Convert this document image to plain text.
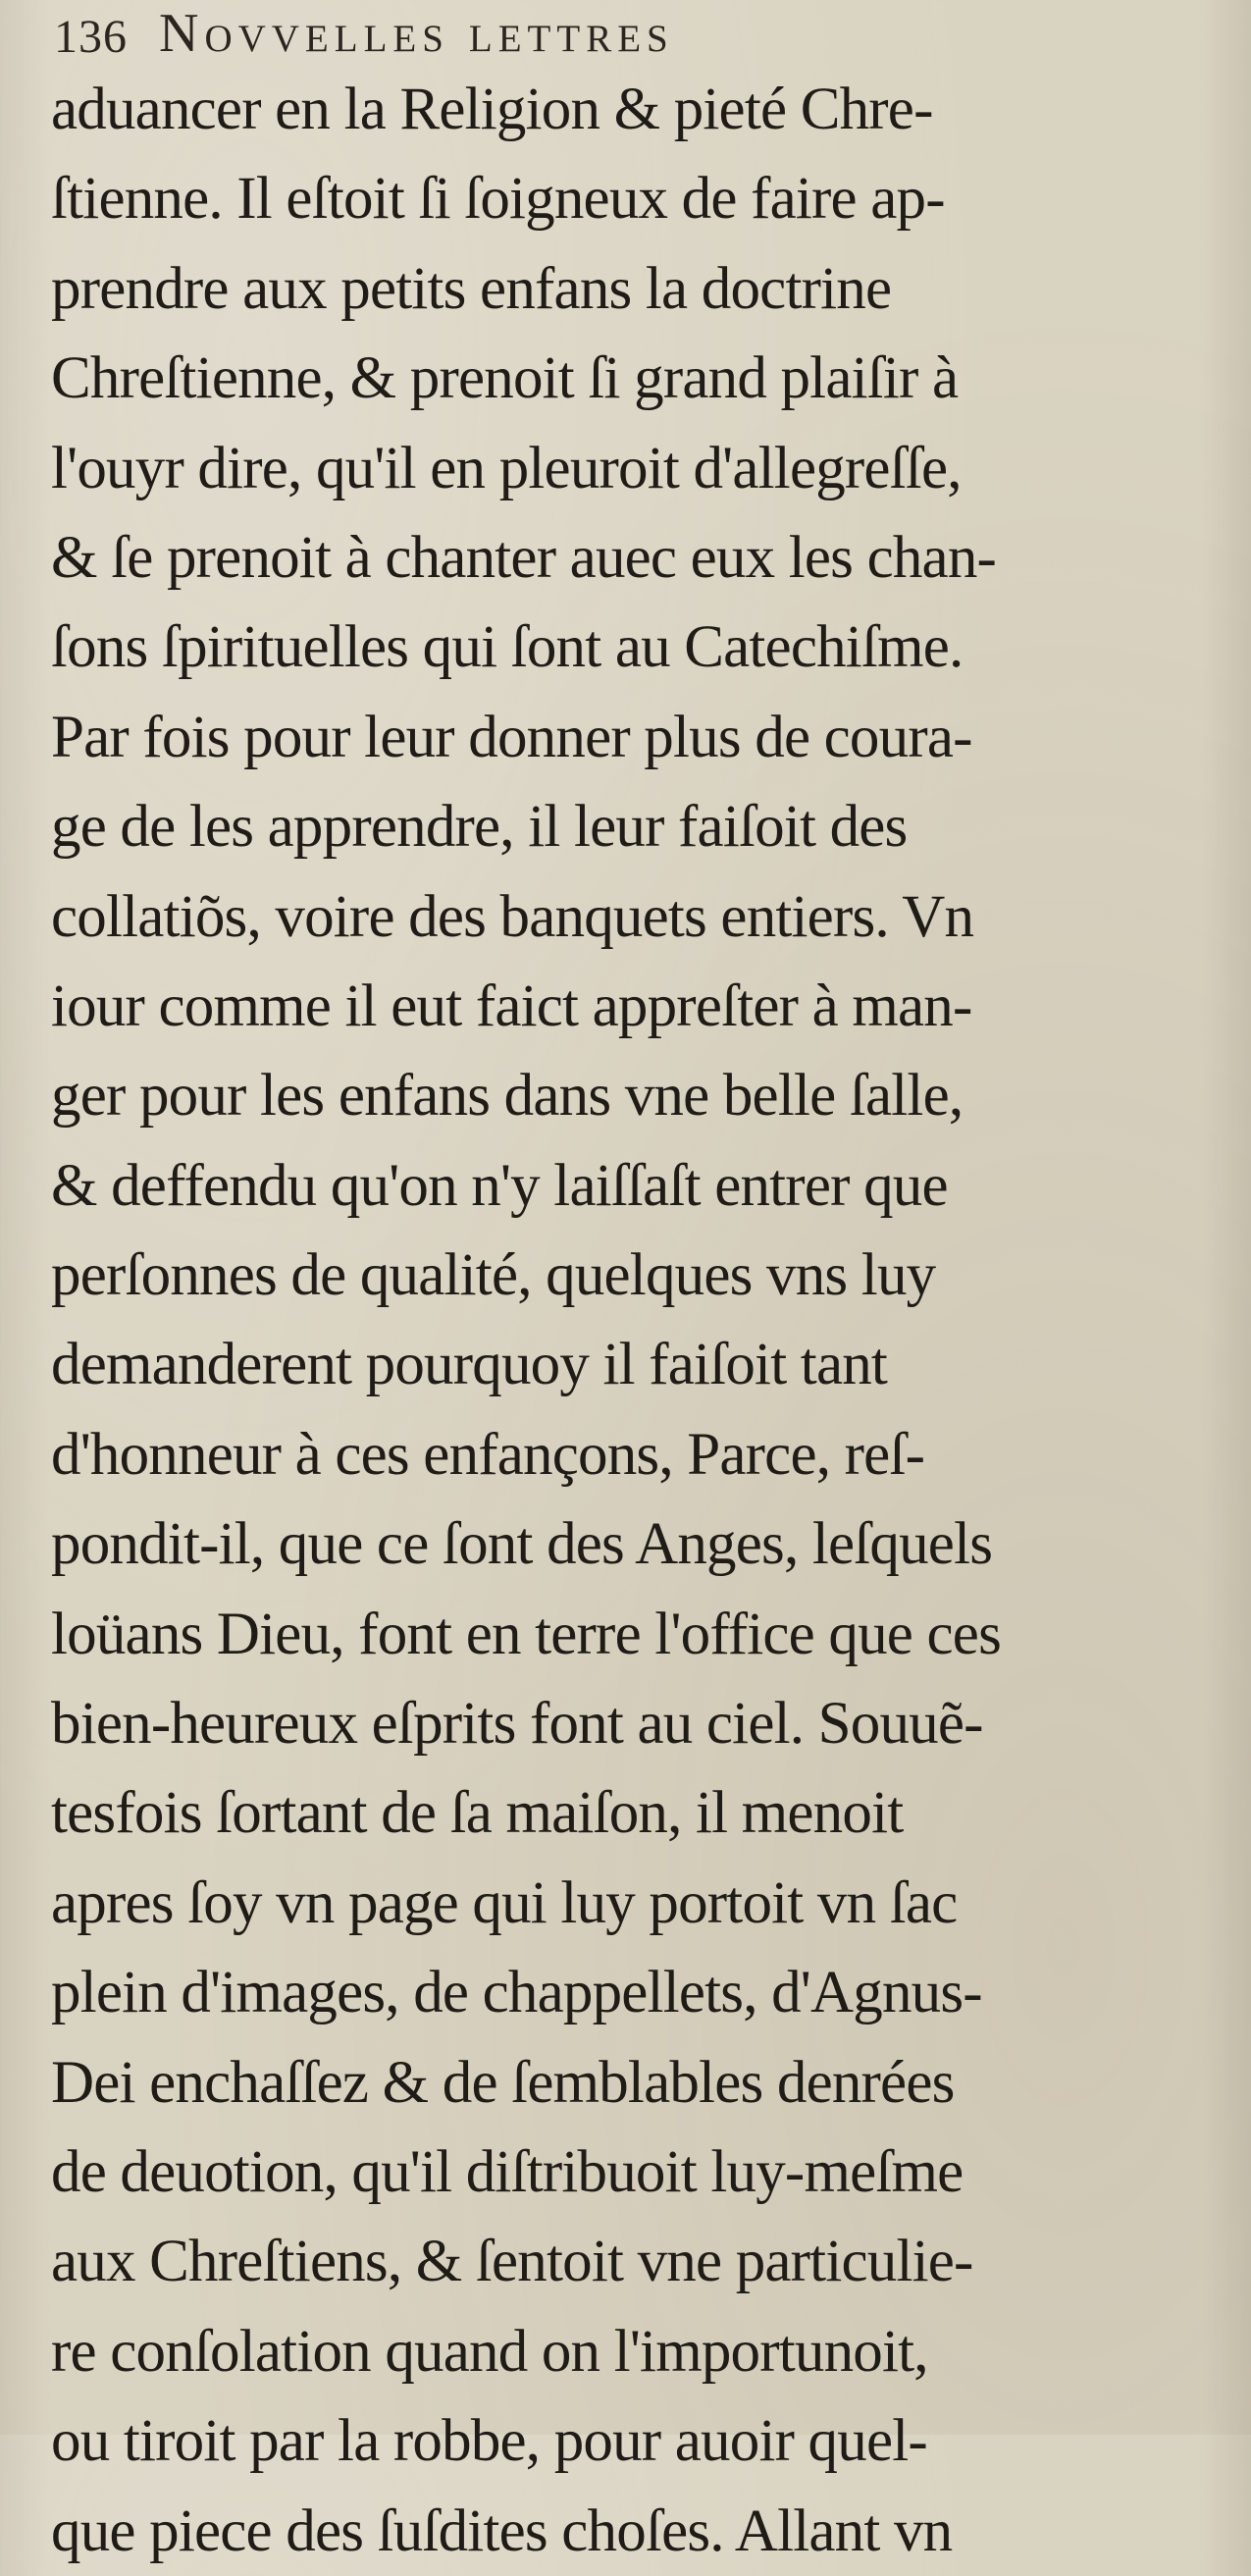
136 Novvelles lettres
aduancer en la Religion & pieté Chre-
ſtienne. Il eſtoit ſi ſoigneux de faire ap-
prendre aux petits enfans la doctrine
Chreſtienne, & prenoit ſi grand plaiſir à
l'ouyr dire, qu'il en pleuroit d'allegreſſe,
& ſe prenoit à chanter auec eux les chan-
ſons ſpirituelles qui ſont au Catechiſme.
Par fois pour leur donner plus de coura-
ge de les apprendre, il leur faiſoit des
collatiõs, voire des banquets entiers. Vn
iour comme il eut faict appreſter à man-
ger pour les enfans dans vne belle ſalle,
& deffendu qu'on n'y laiſſaſt entrer que
perſonnes de qualité, quelques vns luy
demanderent pourquoy il faiſoit tant
d'honneur à ces enfançons, Parce, reſ-
pondit-il, que ce ſont des Anges, leſquels
loüans Dieu, font en terre l'office que ces
bien-heureux eſprits font au ciel. Souuẽ-
tesfois ſortant de ſa maiſon, il menoit
apres ſoy vn page qui luy portoit vn ſac
plein d'images, de chappellets, d'Agnus-
Dei enchaſſez & de ſemblables denrées
de deuotion, qu'il diſtribuoit luy-meſme
aux Chreſtiens, & ſentoit vne particulie-
re conſolation quand on l'importunoit,
ou tiroit par la robbe, pour auoir quel-
que piece des ſuſdites choſes. Allant vn
